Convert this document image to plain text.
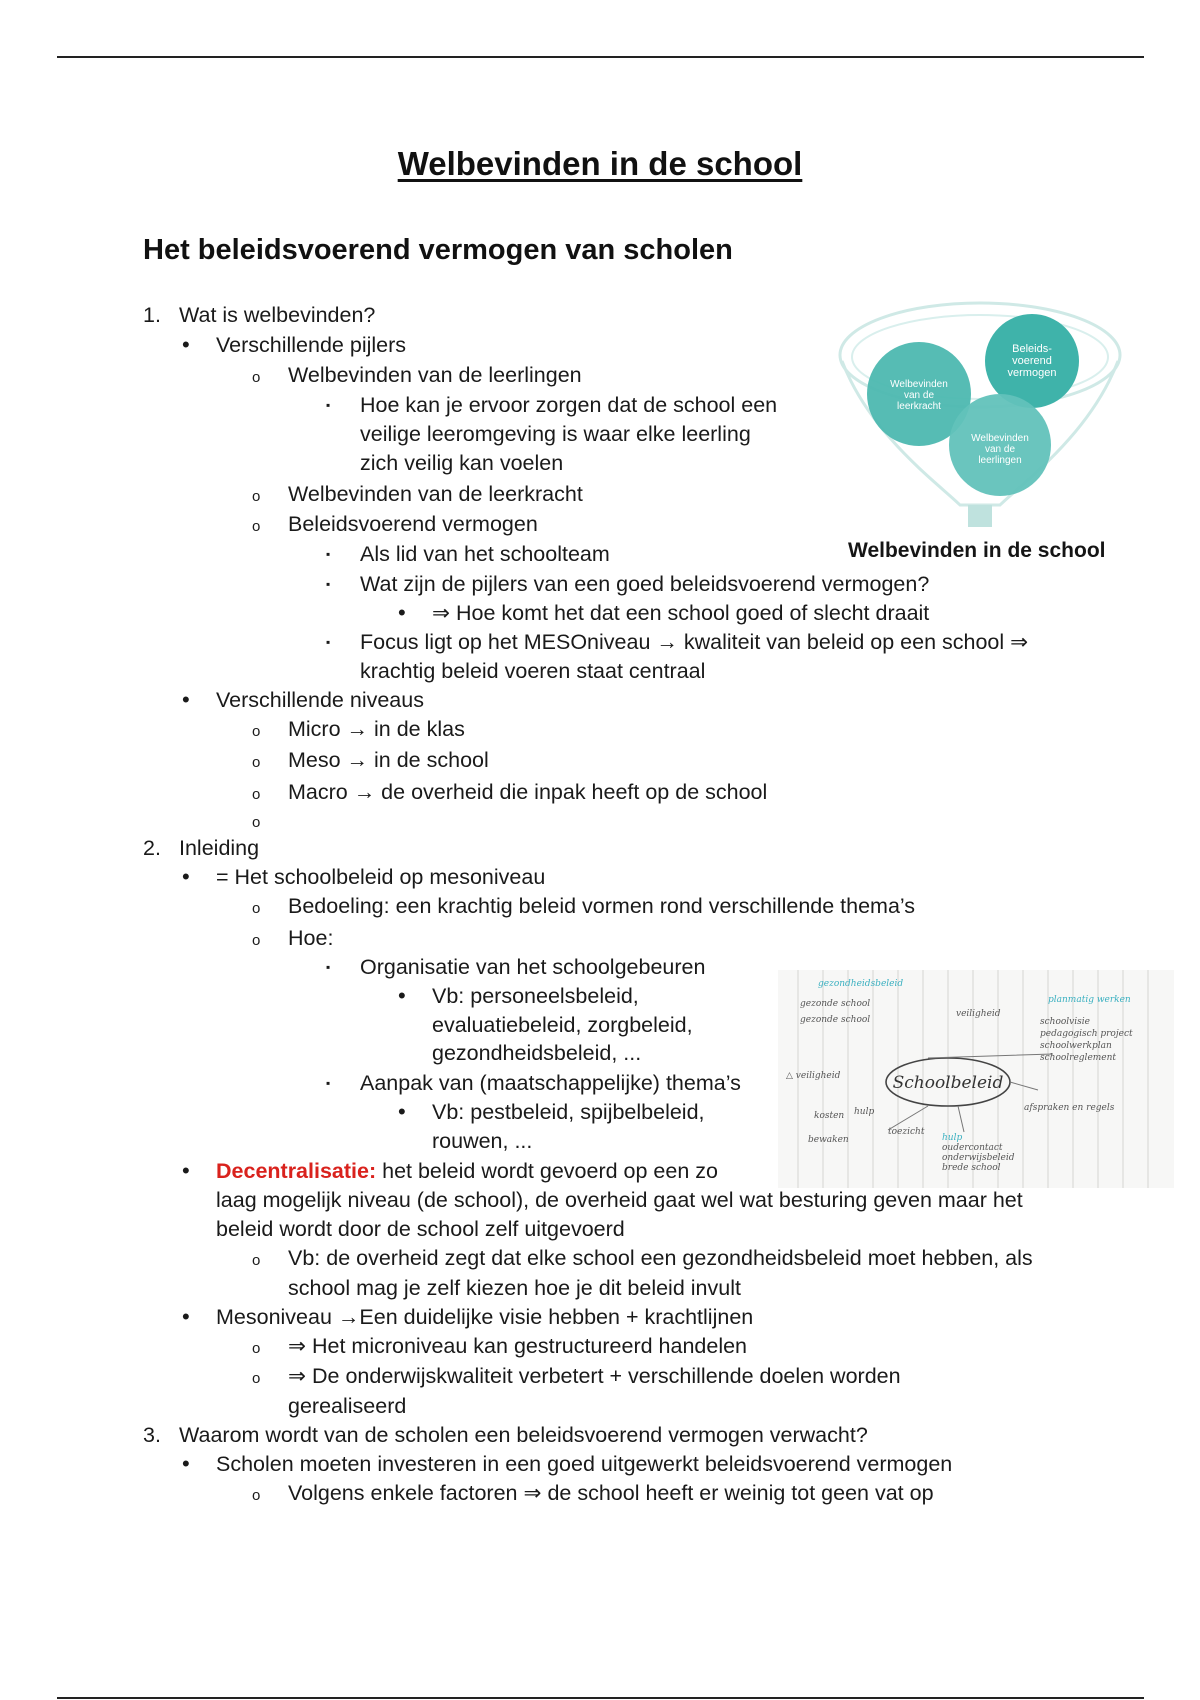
Welbevinden in de school
Het beleidsvoerend vermogen van scholen
Welbevinden van de leerkracht
Beleids-voerend vermogen
Welbevinden van de leerlingen
Welbevinden in de school
Schoolbeleid
gezondheidsbeleid
gezonde school
gezonde school
veiligheid
planmatig werken
schoolvisie
pedagogisch project
schoolwerkplan
schoolreglement
afspraken en regels
hulp
oudercontact
onderwijsbeleid
brede school
kosten hulp
bewaken
toezicht
△ veiligheid
1. Wat is welbevinden?
• Verschillende pijlers
o Welbevinden van de leerlingen
▪ Hoe kan je ervoor zorgen dat de school een
veilige leeromgeving is waar elke leerling
zich veilig kan voelen
o Welbevinden van de leerkracht
o Beleidsvoerend vermogen
▪ Als lid van het schoolteam
▪ Wat zijn de pijlers van een goed beleidsvoerend vermogen?
• ⇒ Hoe komt het dat een school goed of slecht draait
▪ Focus ligt op het MESOniveau → kwaliteit van beleid op een school ⇒
krachtig beleid voeren staat centraal
• Verschillende niveaus
o Micro → in de klas
o Meso → in de school
o Macro → de overheid die inpak heeft op de school
o
2. Inleiding
• = Het schoolbeleid op mesoniveau
o Bedoeling: een krachtig beleid vormen rond verschillende thema’s
o Hoe:
▪ Organisatie van het schoolgebeuren
• Vb: personeelsbeleid,
evaluatiebeleid, zorgbeleid,
gezondheidsbeleid, ...
▪ Aanpak van (maatschappelijke) thema’s
• Vb: pestbeleid, spijbelbeleid,
rouwen, ...
• Decentralisatie: het beleid wordt gevoerd op een zo
laag mogelijk niveau (de school), de overheid gaat wel wat besturing geven maar het
beleid wordt door de school zelf uitgevoerd
o Vb: de overheid zegt dat elke school een gezondheidsbeleid moet hebben, als
school mag je zelf kiezen hoe je dit beleid invult
• Mesoniveau →Een duidelijke visie hebben + krachtlijnen
o ⇒ Het microniveau kan gestructureerd handelen
o ⇒ De onderwijskwaliteit verbetert + verschillende doelen worden
gerealiseerd
3. Waarom wordt van de scholen een beleidsvoerend vermogen verwacht?
• Scholen moeten investeren in een goed uitgewerkt beleidsvoerend vermogen
o Volgens enkele factoren ⇒ de school heeft er weinig tot geen vat op
